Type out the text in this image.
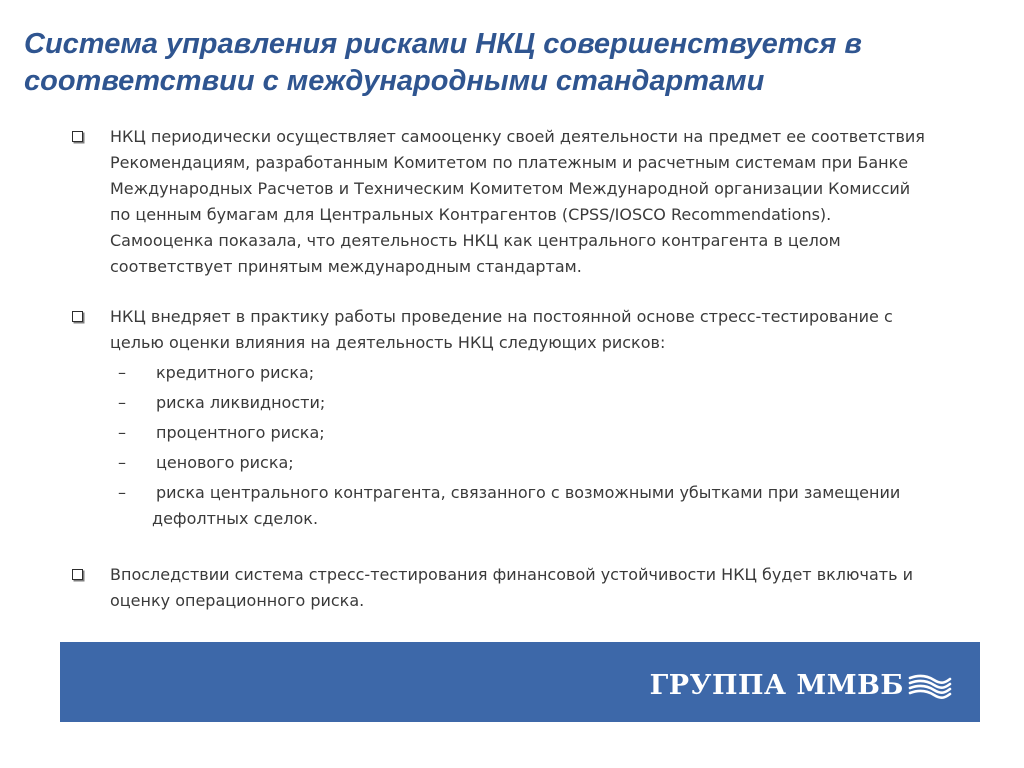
Система управления рисками НКЦ совершенствуется в
соответствии с международными стандартами
НКЦ периодически осуществляет самооценку своей деятельности на предмет ее соответствия
Рекомендациям, разработанным Комитетом по платежным и расчетным системам при Банке
Международных Расчетов и Техническим Комитетом Международной организации Комиссий
по ценным бумагам для Центральных Контрагентов (CPSS/IOSCO Recommendations).
Самооценка показала, что деятельность НКЦ как центрального контрагента в целом
соответствует принятым международным стандартам.
НКЦ внедряет в практику работы проведение на постоянной основе стресс-тестирование с
целью оценки влияния на деятельность НКЦ следующих рисков:
– кредитного риска;
– риска ликвидности;
– процентного риска;
– ценового риска;
– риска центрального контрагента, связанного с возможными убытками при замещении
дефолтных сделок.
Впоследствии система стресс-тестирования финансовой устойчивости НКЦ будет включать и
оценку операционного риска.
ГРУППА ММВБ
